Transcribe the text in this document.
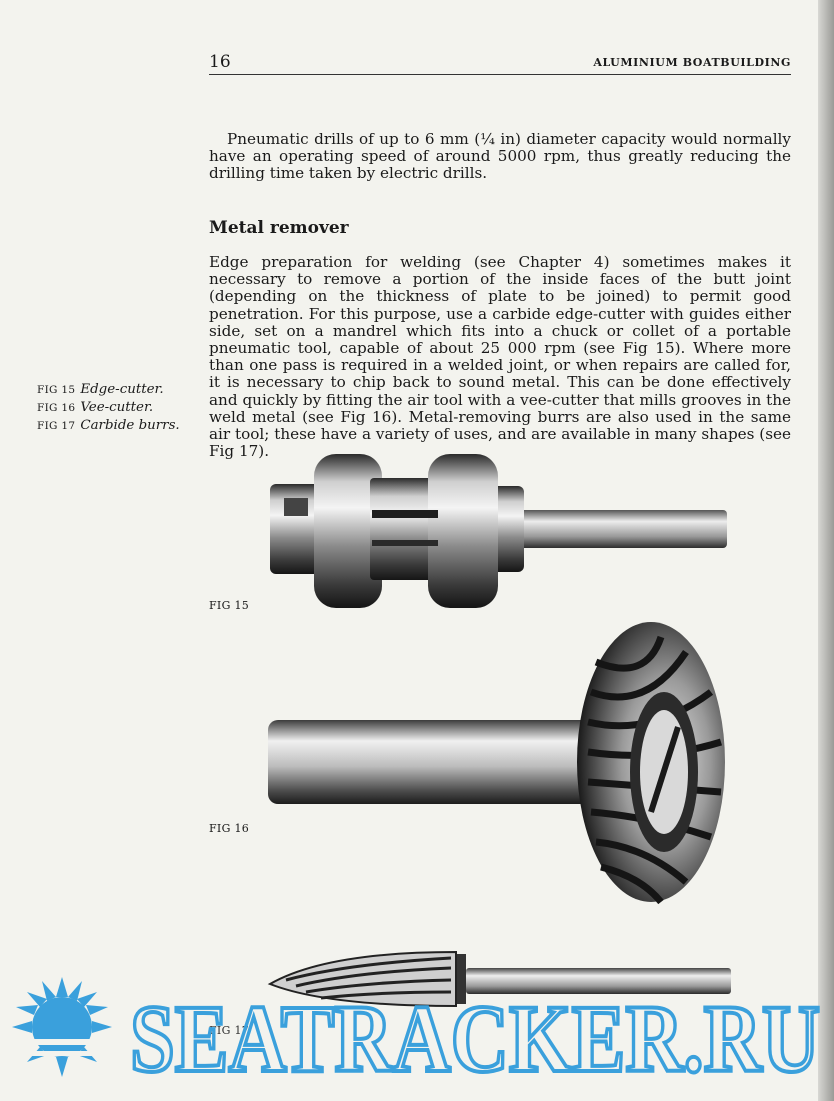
16	ALUMINIUM BOATBUILDING

Pneumatic drills of up to 6 mm (¼ in) diameter capacity would normally have an operating speed of around 5000 rpm, thus greatly reducing the drilling time taken by electric drills.

Metal remover

Edge preparation for welding (see Chapter 4) sometimes makes it necessary to remove a portion of the inside faces of the butt joint (depending on the thickness of plate to be joined) to permit good penetration. For this purpose, use a carbide edge-cutter with guides either side, set on a mandrel which fits into a chuck or collet of a portable pneumatic tool, capable of about 25 000 rpm (see Fig 15). Where more than one pass is required in a welded joint, or when repairs are called for, it is necessary to chip back to sound metal. This can be done effectively and quickly by fitting the air tool with a vee-cutter that mills grooves in the weld metal (see Fig 16). Metal-removing burrs are also used in the same air tool; these have a variety of uses, and are available in many shapes (see Fig 17).

FIG 15 Edge-cutter.
FIG 16 Vee-cutter.
FIG 17 Carbide burrs.
FIG 15
FIG 16
FIG 17
SEATRACKER.RU
